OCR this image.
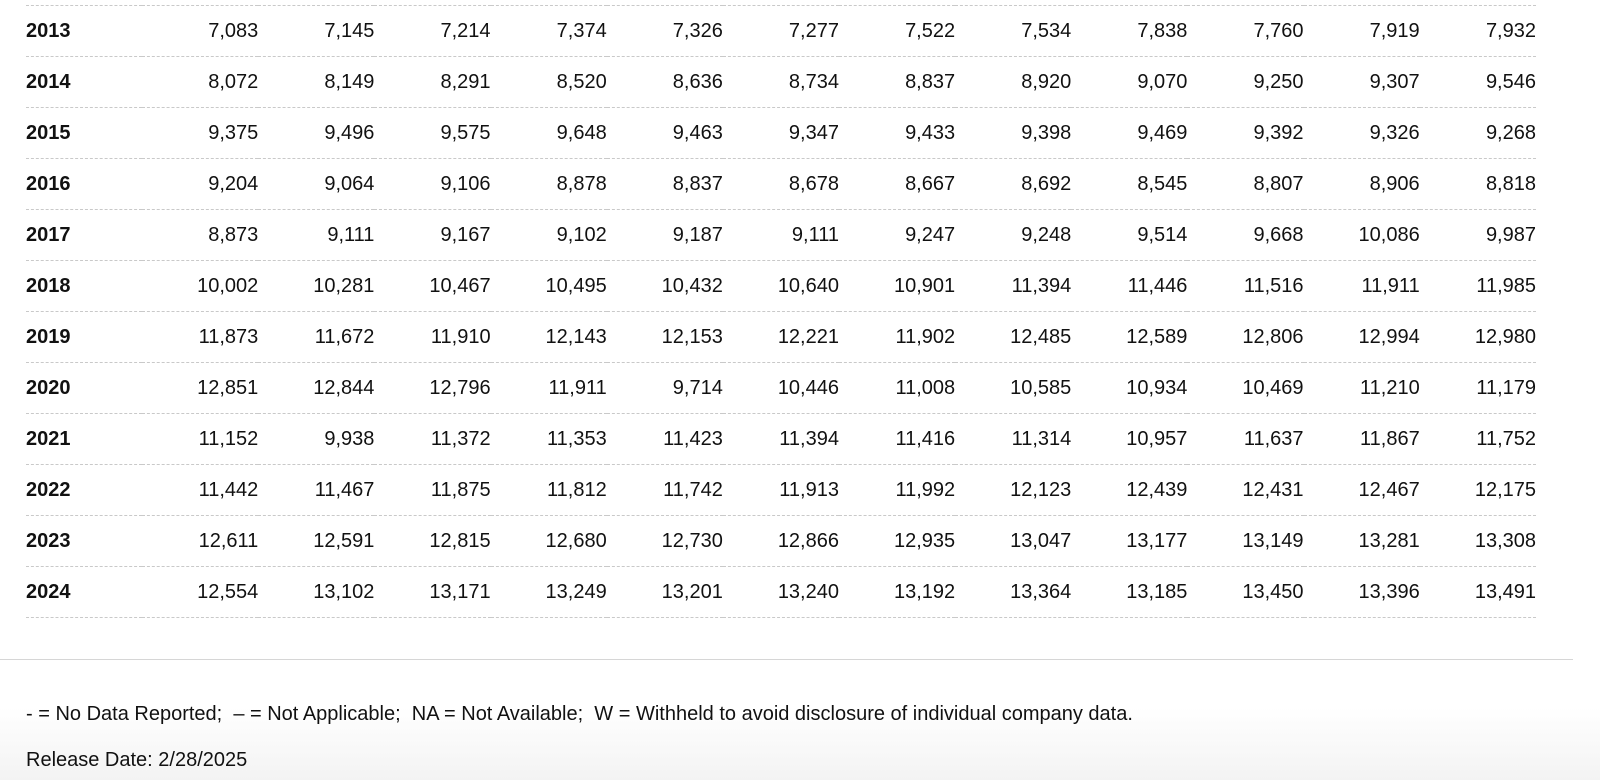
2013	7,083	7,145	7,214	7,374	7,326	7,277	7,522	7,534	7,838	7,760	7,919	7,932
2014	8,072	8,149	8,291	8,520	8,636	8,734	8,837	8,920	9,070	9,250	9,307	9,546
2015	9,375	9,496	9,575	9,648	9,463	9,347	9,433	9,398	9,469	9,392	9,326	9,268
2016	9,204	9,064	9,106	8,878	8,837	8,678	8,667	8,692	8,545	8,807	8,906	8,818
2017	8,873	9,111	9,167	9,102	9,187	9,111	9,247	9,248	9,514	9,668	10,086	9,987
2018	10,002	10,281	10,467	10,495	10,432	10,640	10,901	11,394	11,446	11,516	11,911	11,985
2019	11,873	11,672	11,910	12,143	12,153	12,221	11,902	12,485	12,589	12,806	12,994	12,980
2020	12,851	12,844	12,796	11,911	9,714	10,446	11,008	10,585	10,934	10,469	11,210	11,179
2021	11,152	9,938	11,372	11,353	11,423	11,394	11,416	11,314	10,957	11,637	11,867	11,752
2022	11,442	11,467	11,875	11,812	11,742	11,913	11,992	12,123	12,439	12,431	12,467	12,175
2023	12,611	12,591	12,815	12,680	12,730	12,866	12,935	13,047	13,177	13,149	13,281	13,308
2024	12,554	13,102	13,171	13,249	13,201	13,240	13,192	13,364	13,185	13,450	13,396	13,491
- = No Data Reported;  – = Not Applicable;  NA = Not Available;  W = Withheld to avoid disclosure of individual company data.
Release Date: 2/28/2025
